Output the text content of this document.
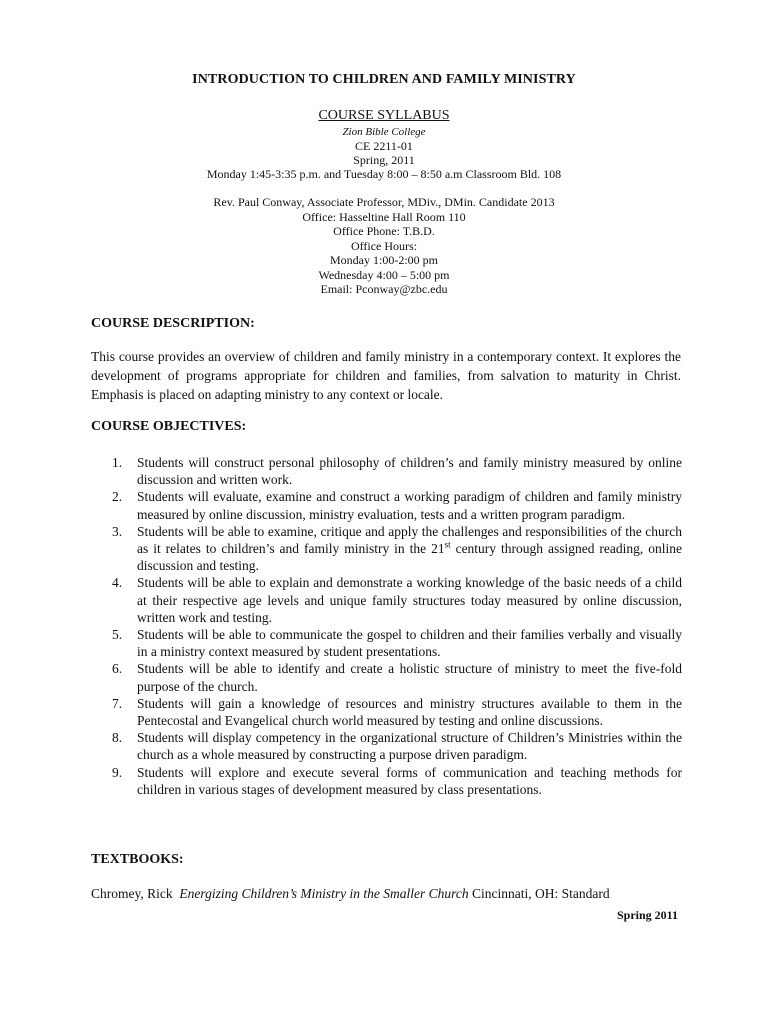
INTRODUCTION TO CHILDREN AND FAMILY MINISTRY
COURSE SYLLABUS
Zion Bible College
CE 2211-01
Spring, 2011
Monday 1:45-3:35 p.m. and Tuesday 8:00 – 8:50 a.m Classroom Bld. 108
Rev. Paul Conway, Associate Professor, MDiv., DMin. Candidate 2013
Office: Hasseltine Hall Room 110
Office Phone: T.B.D.
Office Hours:
Monday 1:00-2:00 pm
Wednesday 4:00 – 5:00 pm
Email: Pconway@zbc.edu
COURSE DESCRIPTION:
This course provides an overview of children and family ministry in a contemporary context. It explores the development of programs appropriate for children and families, from salvation to maturity in Christ. Emphasis is placed on adapting ministry to any context or locale.
COURSE OBJECTIVES:
1. Students will construct personal philosophy of children’s and family ministry measured by online discussion and written work.
2. Students will evaluate, examine and construct a working paradigm of children and family ministry measured by online discussion, ministry evaluation, tests and a written program paradigm.
3. Students will be able to examine, critique and apply the challenges and responsibilities of the church as it relates to children’s and family ministry in the 21st century through assigned reading, online discussion and testing.
4. Students will be able to explain and demonstrate a working knowledge of the basic needs of a child at their respective age levels and unique family structures today measured by online discussion, written work and testing.
5. Students will be able to communicate the gospel to children and their families verbally and visually in a ministry context measured by student presentations.
6. Students will be able to identify and create a holistic structure of ministry to meet the five-fold purpose of the church.
7. Students will gain a knowledge of resources and ministry structures available to them in the Pentecostal and Evangelical church world measured by testing and online discussions.
8. Students will display competency in the organizational structure of Children’s Ministries within the church as a whole measured by constructing a purpose driven paradigm.
9. Students will explore and execute several forms of communication and teaching methods for children in various stages of development measured by class presentations.
TEXTBOOKS:
Chromey, Rick Energizing Children’s Ministry in the Smaller Church Cincinnati, OH: Standard
Spring 2011
